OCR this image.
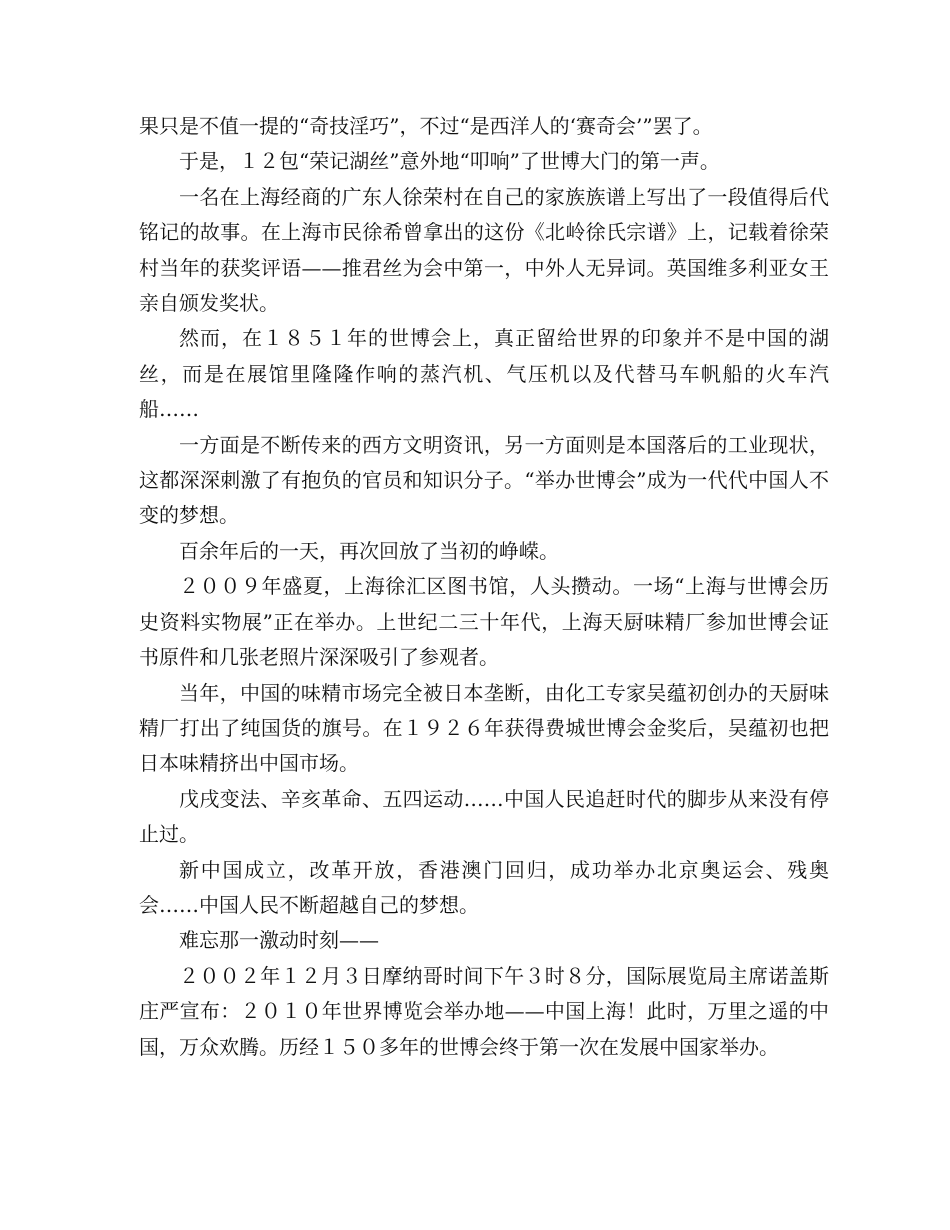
果只是不值一提的“奇技淫巧”，不过“是西洋人的‘赛奇会’”罢了。

于是，１２包“荣记湖丝”意外地“叩响”了世博大门的第一声。

一名在上海经商的广东人徐荣村在自己的家族族谱上写出了一段值得后代铭记的故事。在上海市民徐希曾拿出的这份《北岭徐氏宗谱》上，记载着徐荣村当年的获奖评语——推君丝为会中第一，中外人无异词。英国维多利亚女王亲自颁发奖状。

然而，在１８５１年的世博会上，真正留给世界的印象并不是中国的湖丝，而是在展馆里隆隆作响的蒸汽机、气压机以及代替马车帆船的火车汽船……

一方面是不断传来的西方文明资讯，另一方面则是本国落后的工业现状，这都深深刺激了有抱负的官员和知识分子。“举办世博会”成为一代代中国人不变的梦想。

百余年后的一天，再次回放了当初的峥嵘。

２００９年盛夏，上海徐汇区图书馆，人头攒动。一场“上海与世博会历史资料实物展”正在举办。上世纪二三十年代，上海天厨味精厂参加世博会证书原件和几张老照片深深吸引了参观者。

当年，中国的味精市场完全被日本垄断，由化工专家吴蕴初创办的天厨味精厂打出了纯国货的旗号。在１９２６年获得费城世博会金奖后，吴蕴初也把日本味精挤出中国市场。

戊戌变法、辛亥革命、五四运动……中国人民追赶时代的脚步从来没有停止过。

新中国成立，改革开放，香港澳门回归，成功举办北京奥运会、残奥会……中国人民不断超越自己的梦想。

难忘那一激动时刻——

２００２年１２月３日摩纳哥时间下午３时８分，国际展览局主席诺盖斯庄严宣布：２０１０年世界博览会举办地——中国上海！此时，万里之遥的中国，万众欢腾。历经１５０多年的世博会终于第一次在发展中国家举办。
